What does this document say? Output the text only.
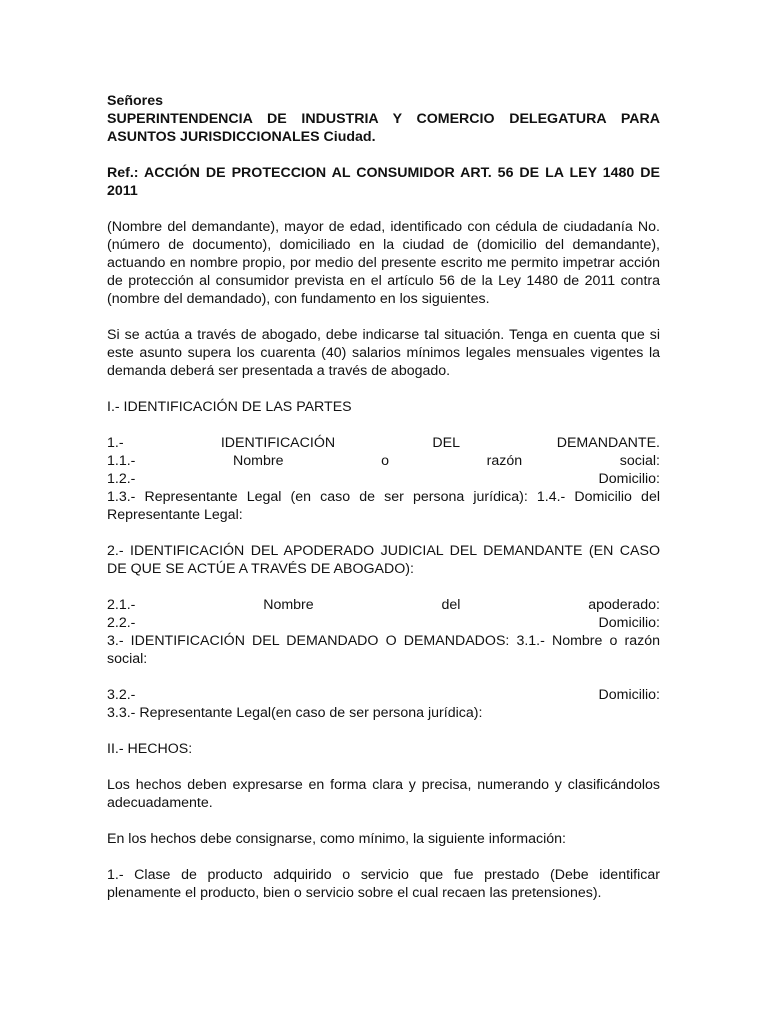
Señores

SUPERINTENDENCIA DE INDUSTRIA Y COMERCIO DELEGATURA PARA ASUNTOS JURISDICCIONALES Ciudad.

Ref.: ACCIÓN DE PROTECCION AL CONSUMIDOR ART. 56 DE LA LEY 1480 DE 2011

(Nombre del demandante), mayor de edad, identificado con cédula de ciudadanía No. (número de documento), domiciliado en la ciudad de (domicilio del demandante), actuando en nombre propio, por medio del presente escrito me permito impetrar acción de protección al consumidor prevista en el artículo 56 de la Ley 1480 de 2011 contra (nombre del demandado), con fundamento en los siguientes.

Si se actúa a través de abogado, debe indicarse tal situación. Tenga en cuenta que si este asunto supera los cuarenta (40) salarios mínimos legales mensuales vigentes la demanda deberá ser presentada a través de abogado.

I.- IDENTIFICACIÓN DE LAS PARTES

1.- IDENTIFICACIÓN DEL DEMANDANTE.

1.1.- Nombre o razón social:

1.2.-	Domicilio:

1.3.- Representante Legal (en caso de ser persona jurídica): 1.4.- Domicilio del Representante Legal:

2.- IDENTIFICACIÓN DEL APODERADO JUDICIAL DEL DEMANDANTE (EN CASO DE QUE SE ACTÚE A TRAVÉS DE ABOGADO):

2.1.- Nombre del apoderado:

2.2.-	Domicilio:

3.- IDENTIFICACIÓN DEL DEMANDADO O DEMANDADOS: 3.1.- Nombre o razón social:

3.2.-	Domicilio:

3.3.- Representante Legal(en caso de ser persona jurídica):

II.- HECHOS:

Los hechos deben expresarse en forma clara y precisa, numerando y clasificándolos adecuadamente.

En los hechos debe consignarse, como mínimo, la siguiente información:

1.- Clase de producto adquirido o servicio que fue prestado (Debe identificar plenamente el producto, bien o servicio sobre el cual recaen las pretensiones).
